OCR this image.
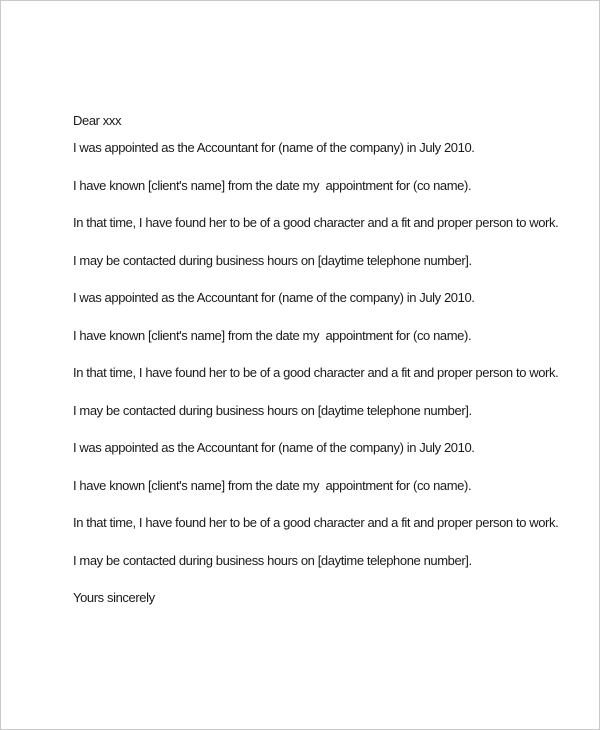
Dear xxx

I was appointed as the Accountant for (name of the company) in July 2010.

I have known [client's name] from the date my  appointment for (co name).

In that time, I have found her to be of a good character and a fit and proper person to work.

I may be contacted during business hours on [daytime telephone number].

I was appointed as the Accountant for (name of the company) in July 2010.

I have known [client's name] from the date my  appointment for (co name).

In that time, I have found her to be of a good character and a fit and proper person to work.

I may be contacted during business hours on [daytime telephone number].

I was appointed as the Accountant for (name of the company) in July 2010.

I have known [client's name] from the date my  appointment for (co name).

In that time, I have found her to be of a good character and a fit and proper person to work.

I may be contacted during business hours on [daytime telephone number].

Yours sincerely
